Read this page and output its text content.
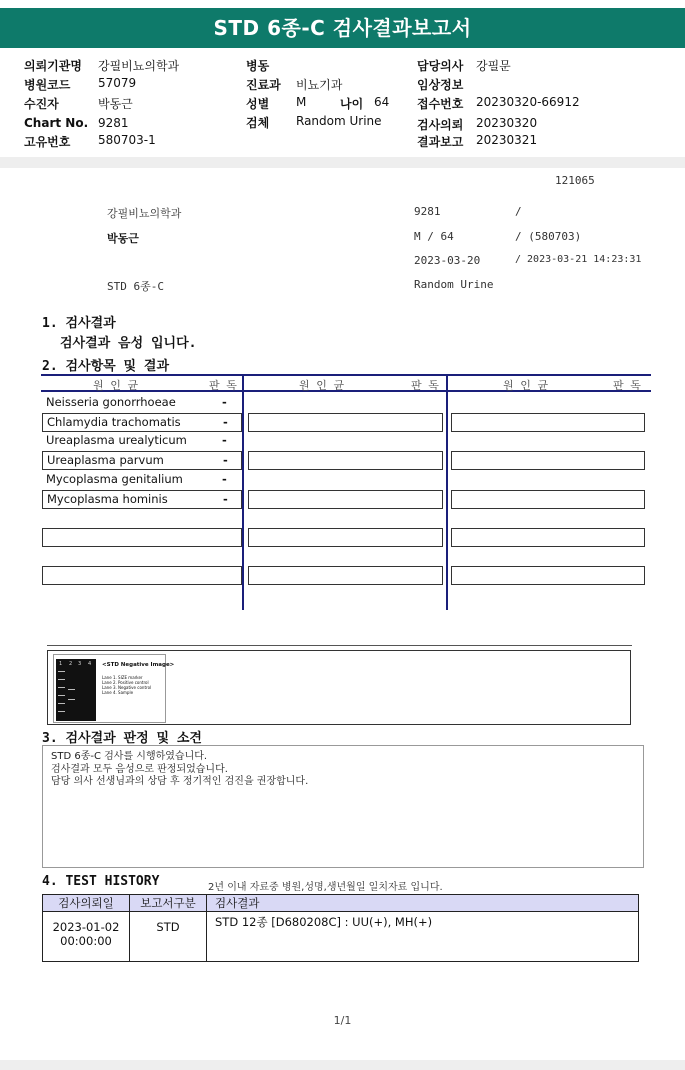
STD 6종-C 검사결과보고서
의뢰기관명 강필비뇨의학과
병원코드 57079
수진자	박동근
Chart No. 9281
고유번호 580703-1
병동
진료과 비뇨기과
성별 M	나이 64
검체 Random Urine
담당의사 강필문
임상정보
접수번호 20230320-66912
검사의뢰 20230320
결과보고 20230321
121065
강필비뇨의학과	9281	/
박동근	M / 64	/ (580703)
2023-03-20	/ 2023-03-21 14:23:31
STD 6종-C	Random Urine
1. 검사결과
검사결과 음성 입니다.
2. 검사항목 및 결과
원 인 균	판 독	원 인 균	판 독	원 인 균	판 독
Neisseria gonorrhoeae	-
Chlamydia trachomatis	-
Ureaplasma urealyticum	-
Ureaplasma parvum	-
Mycoplasma genitalium	-
Mycoplasma hominis	-
1 2 3 4 <STD Negative Image>
Lane 1. SIZE marker
Lane 2. Positive control
Lane 3. Negative control
Lane 4. Sample
3. 검사결과 판정 및 소견
STD 6종-C 검사를 시행하였습니다.
검사결과 모두 음성으로 판정되었습니다.
담당 의사 선생님과의 상담 후 정기적인 검진을 권장합니다.
4. TEST HISTORY	2년 이내 자료중 병원,성명,생년월일 일치자료 입니다.
검사의뢰일	보고서구분	검사결과

2023-01-02
00:00:00	STD	STD 12종 [D680208C] : UU(+), MH(+)
1/1
